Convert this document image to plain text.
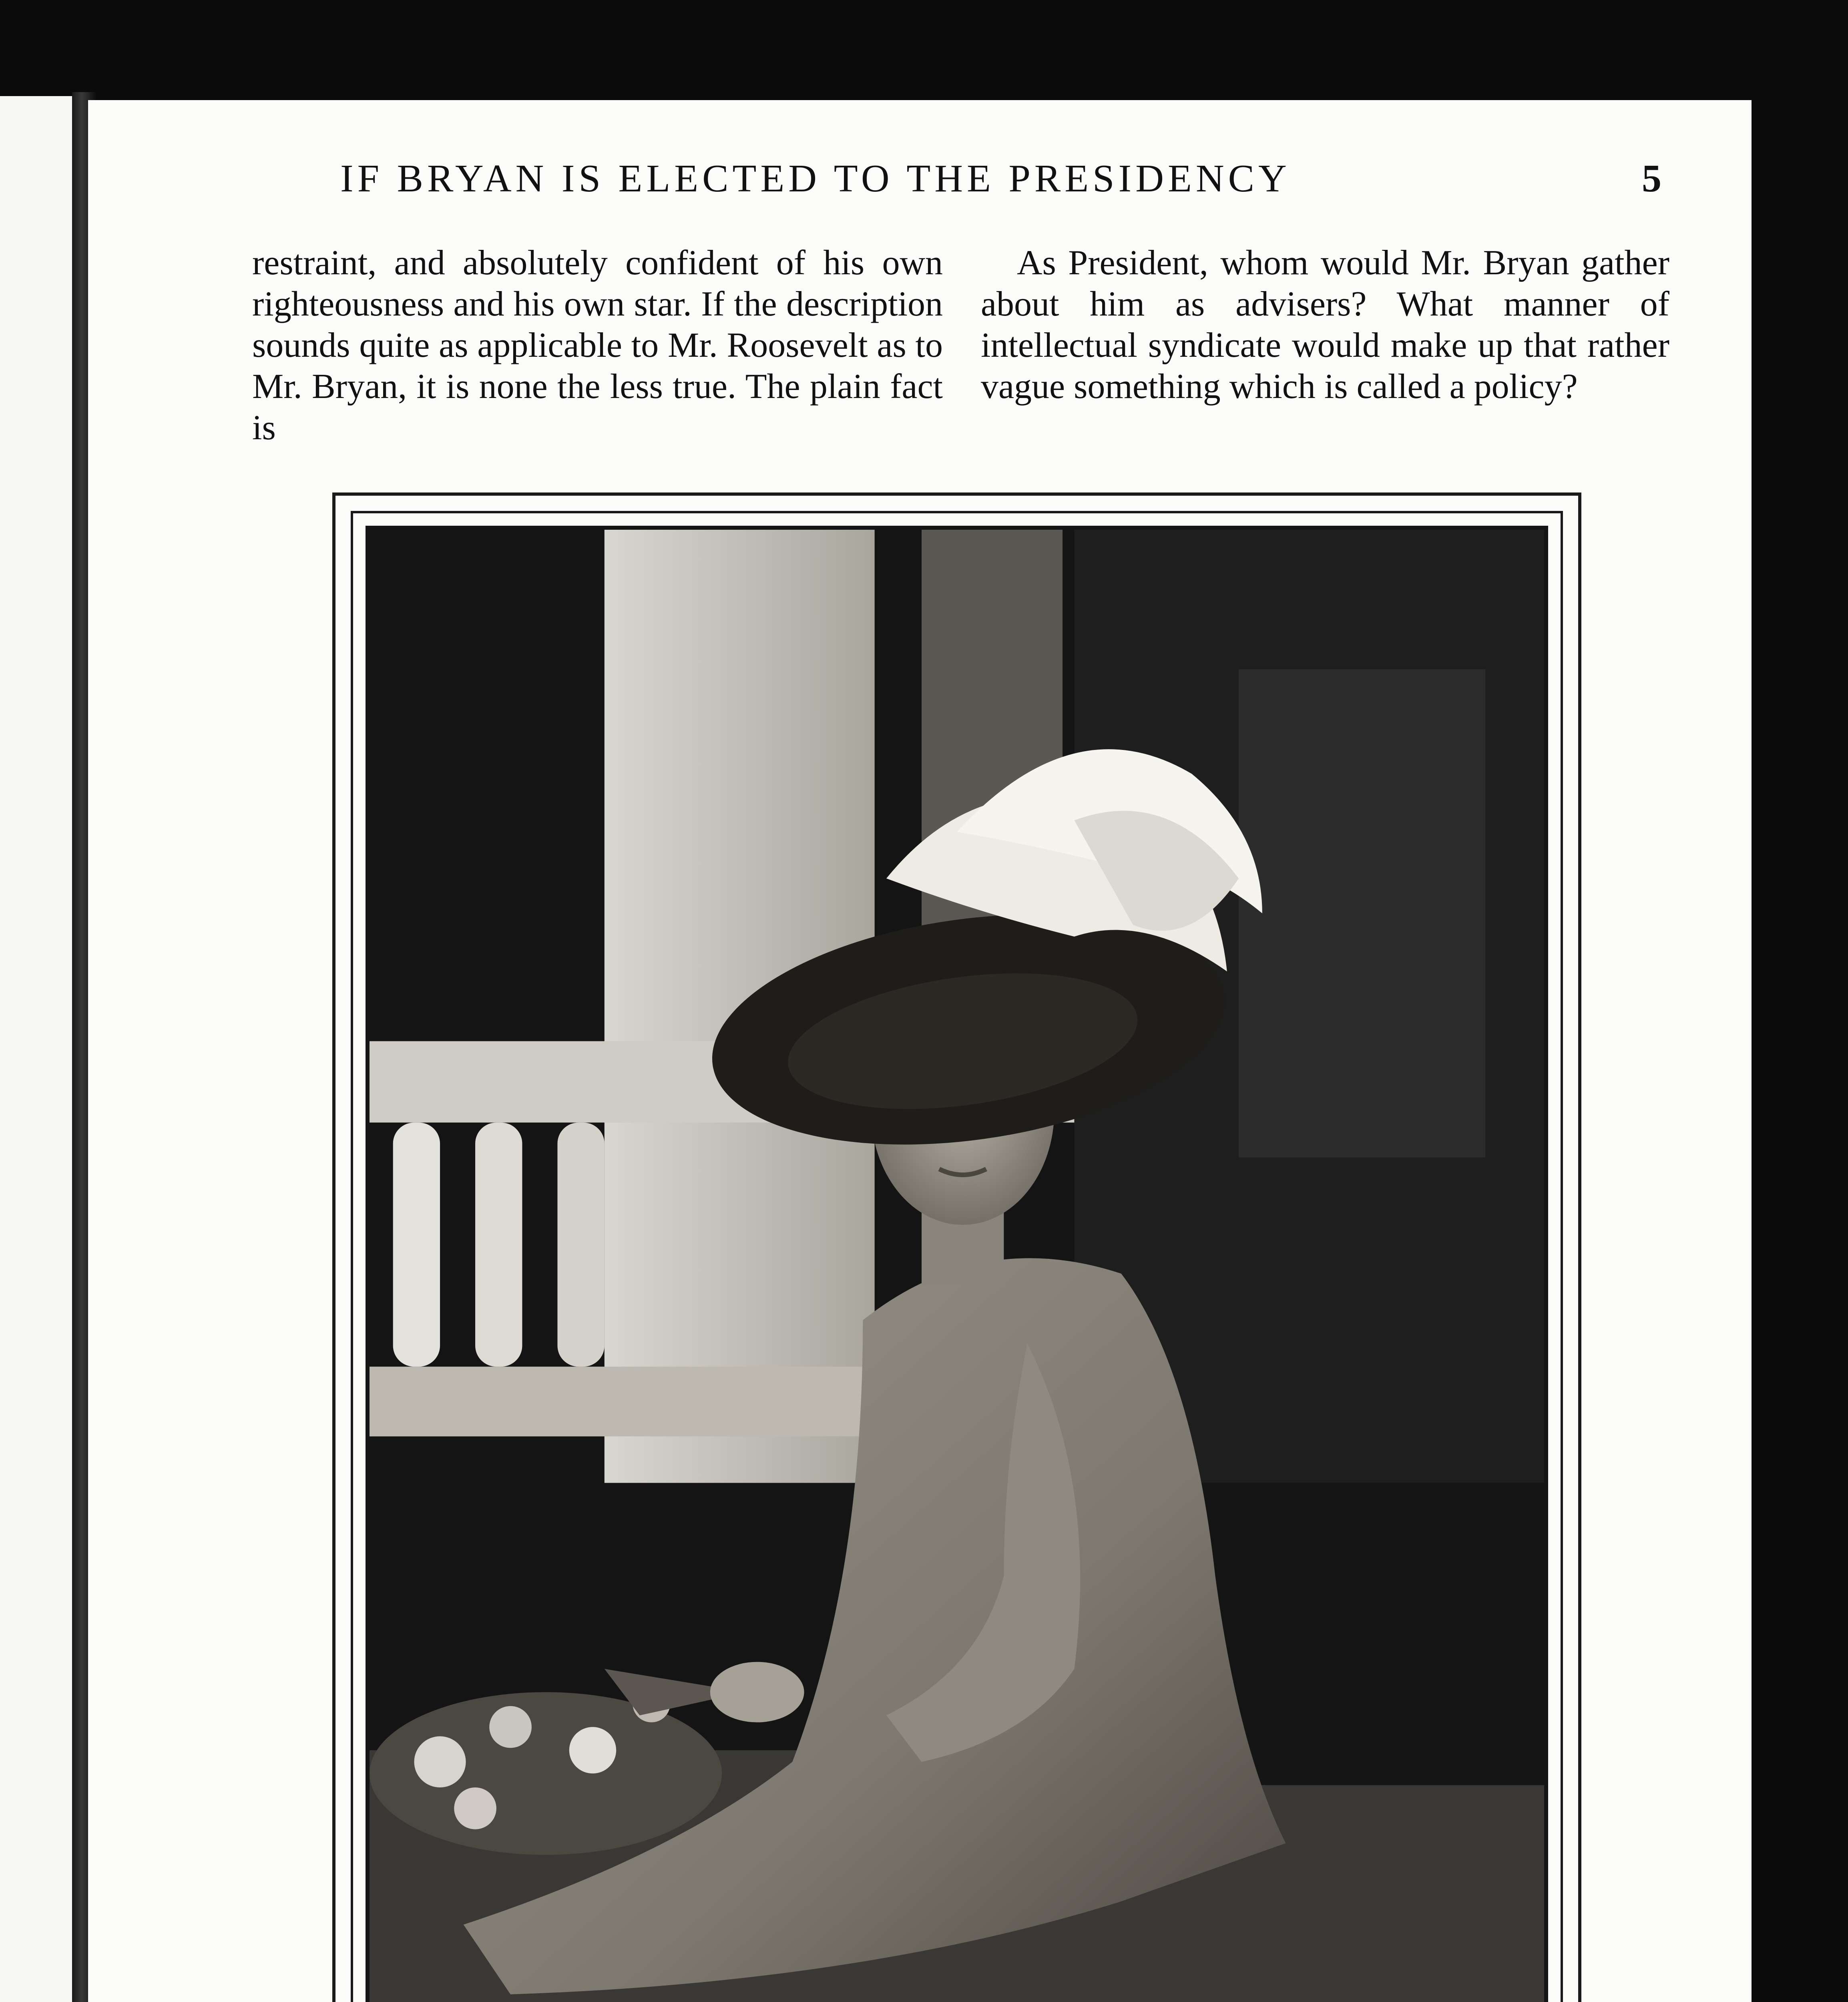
IF BRYAN IS ELECTED TO THE PRESIDENCY	5

restraint, and absolutely confident of his own righteousness and his own star. If the description sounds quite as applicable to Mr. Roosevelt as to Mr. Bryan, it is none the less true. The plain fact is

As President, whom would Mr. Bryan gather about him as advisers? What manner of intellectual syndicate would make up that rather vague something which is called a policy?
